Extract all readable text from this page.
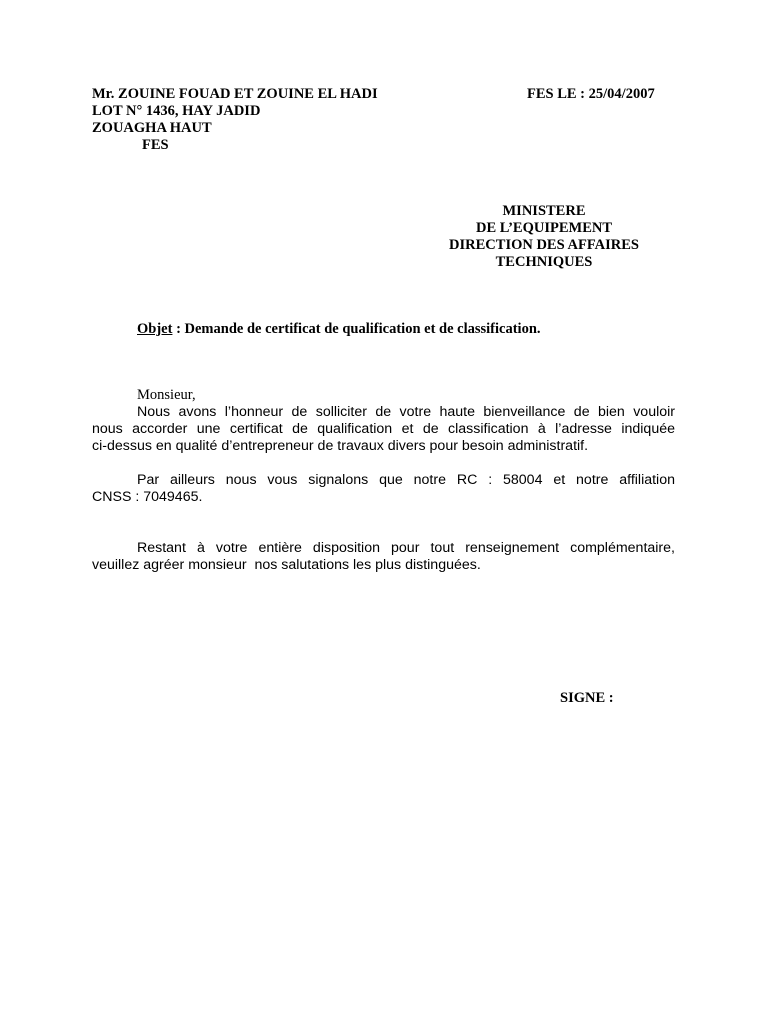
Mr. ZOUINE FOUAD ET ZOUINE EL HADI
LOT N° 1436, HAY JADID
ZOUAGHA HAUT
FES
FES LE : 25/04/2007
MINISTERE
DE L’EQUIPEMENT
DIRECTION DES AFFAIRES
TECHNIQUES
Objet : Demande de certificat de qualification et de classification.
Monsieur,
Nous avons l’honneur de solliciter de votre haute bienveillance de bien vouloir
nous accorder une certificat de qualification et de classification à l’adresse indiquée
ci-dessus en qualité d’entrepreneur de travaux divers pour besoin administratif.
Par ailleurs nous vous signalons que notre RC : 58004 et notre affiliation
CNSS : 7049465.
Restant à votre entière disposition pour tout renseignement complémentaire,
veuillez agréer monsieur  nos salutations les plus distinguées.
SIGNE :
